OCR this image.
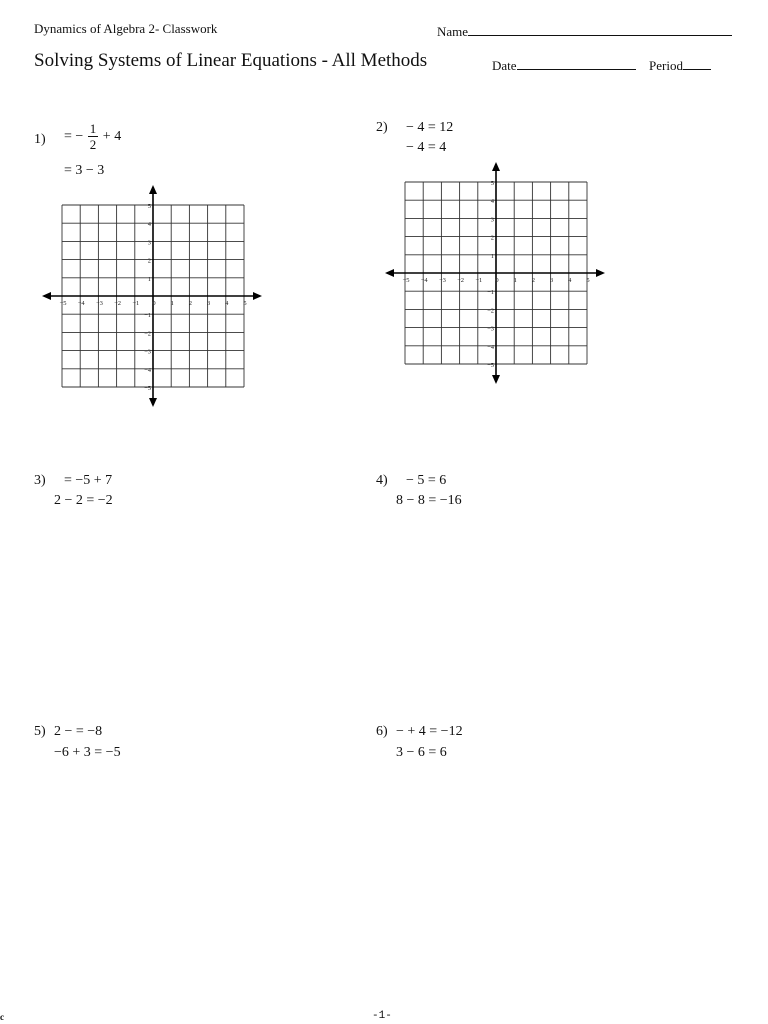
Dynamics of Algebra 2- Classwork	Name
Solving Systems of Linear Equations - All Methods	Date	Period
1) = − $\frac{1}{2} + 4$
= 3 − 3
2) − 4 = 12
− 4 = 4
−5 −4 −3 −2 −1 0 1 2 3 4 5
5
4
3
2
1
−1
−2
−3
−4
−5
−5 −4 −3 −2 −1 0 1 2 3 4 5
5
4
3
2
1
−1
−2
−3
−4
−5
3) = −5 + 7
2 − 2 = −2
4) − 5 = 6
8 − 8 = −16
5) 2 − = −8
−6 + 3 = −5
6) − + 4 = −12
3 − 6 = 6
-1-
c
